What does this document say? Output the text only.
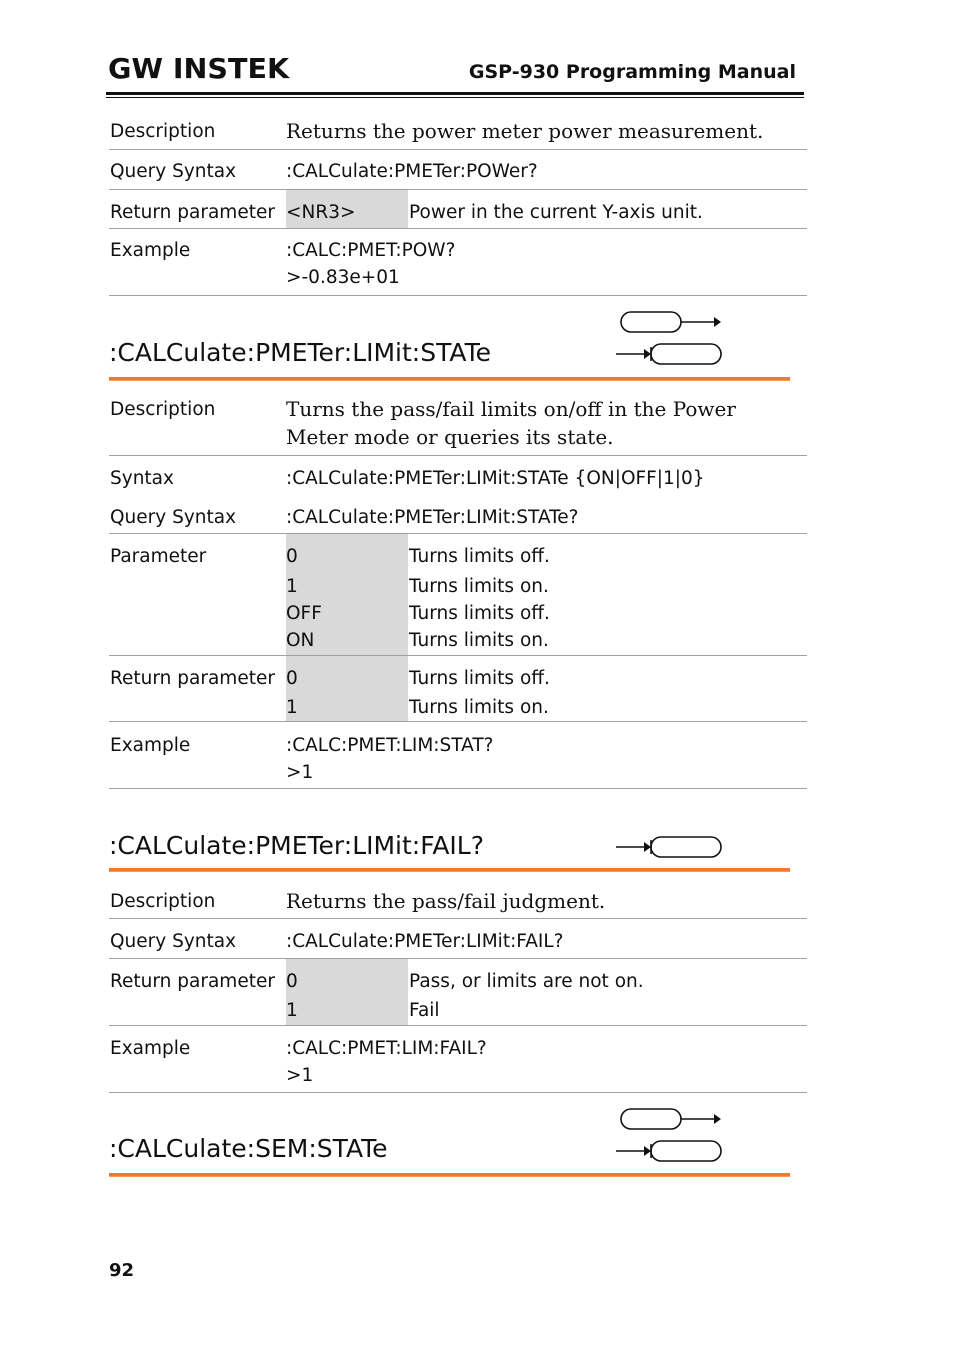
GW INSTEK	GSP-930 Programming Manual
Description	Returns the power meter power measurement.
Query Syntax	:CALCulate:PMETer:POWer?
Return parameter <NR3>	Power in the current Y-axis unit.
Example	:CALC:PMET:POW?
>-0.83e+01
:CALCulate:PMETer:LIMit:STATe
Description	Turns the pass/fail limits on/off in the Power
Meter mode or queries its state.
Syntax	:CALCulate:PMETer:LIMit:STATe {ON|OFF|1|0}
Query Syntax	:CALCulate:PMETer:LIMit:STATe?
Parameter	0	Turns limits off.
1	Turns limits on.
OFF	Turns limits off.
ON	Turns limits on.
Return parameter 0	Turns limits off.
1	Turns limits on.
Example	:CALC:PMET:LIM:STAT?
>1
:CALCulate:PMETer:LIMit:FAIL?
Description	Returns the pass/fail judgment.
Query Syntax	:CALCulate:PMETer:LIMit:FAIL?
Return parameter 0	Pass, or limits are not on.
1	Fail
Example	:CALC:PMET:LIM:FAIL?
>1
:CALCulate:SEM:STATe
92
